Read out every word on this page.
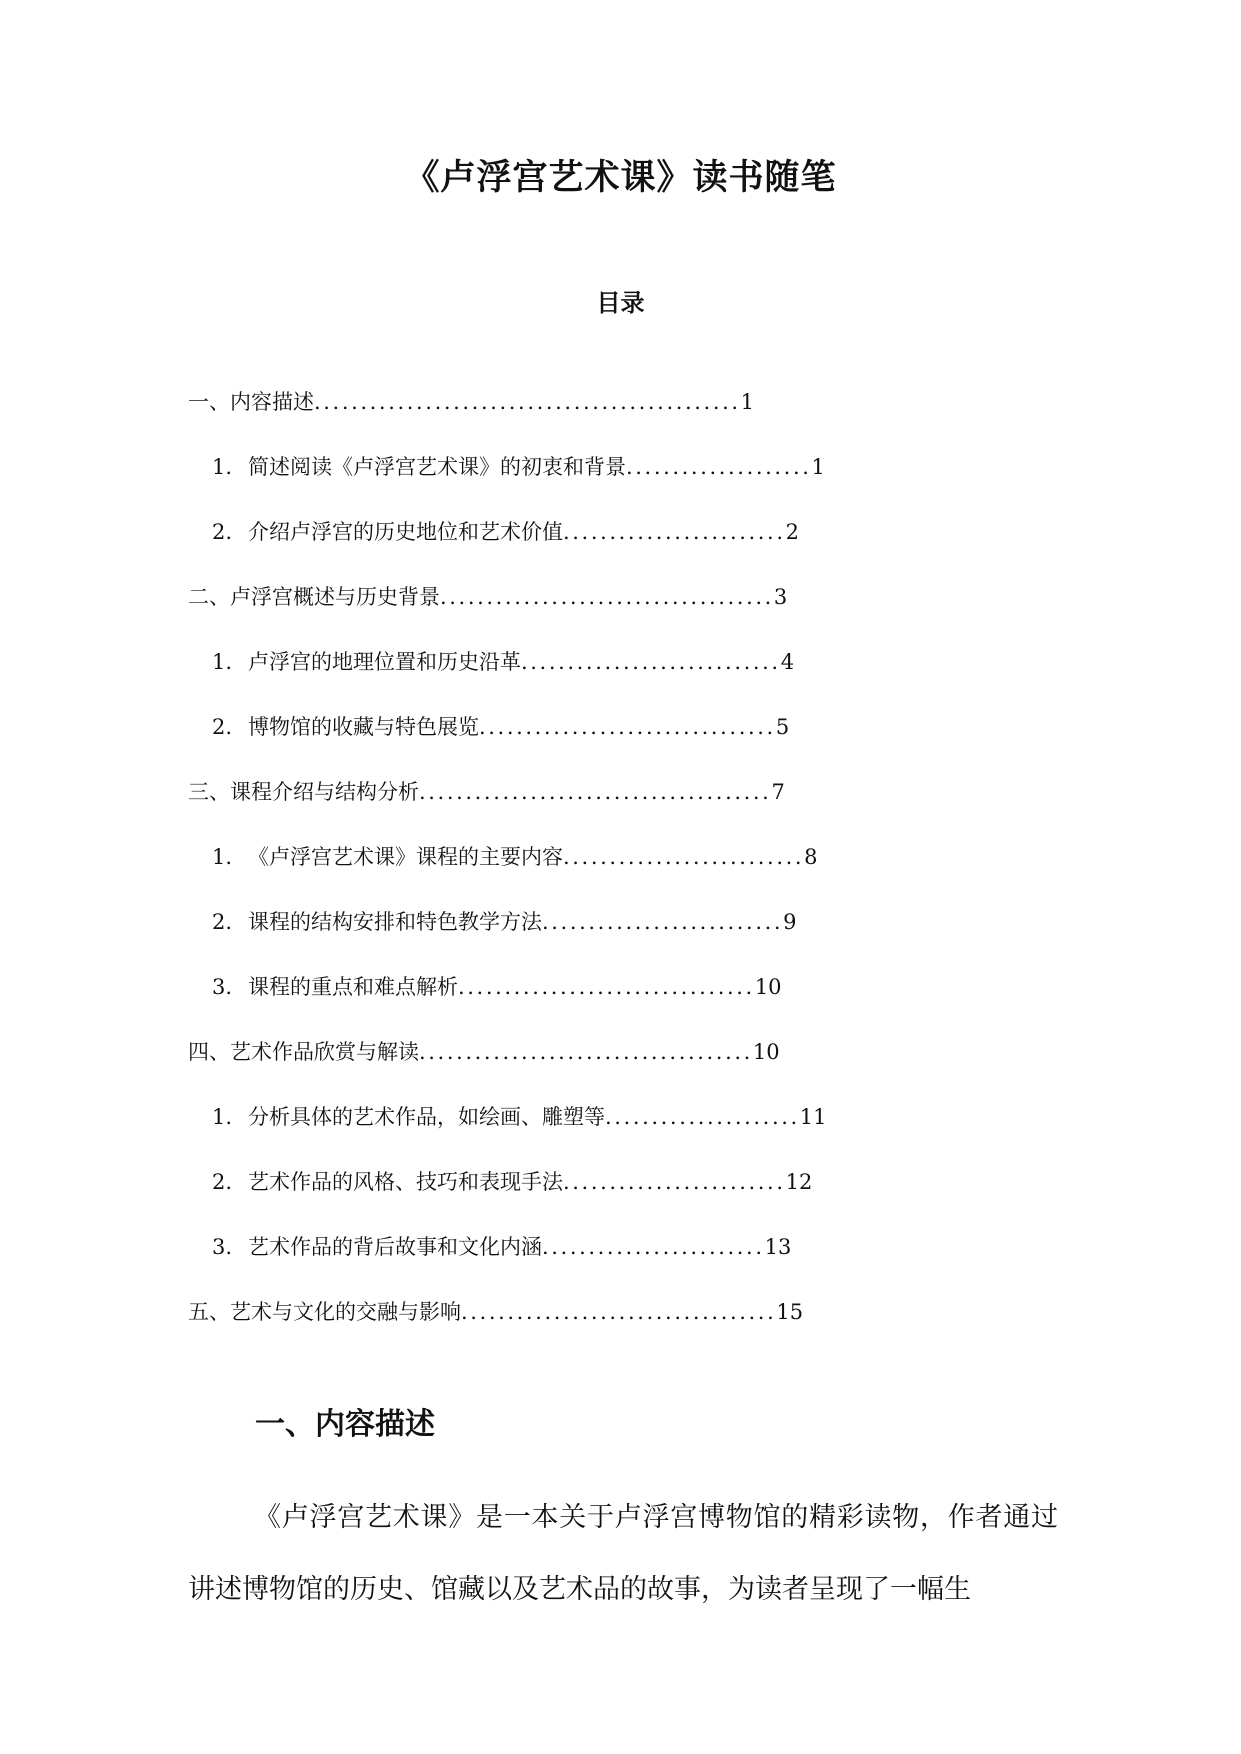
《卢浮宫艺术课》读书随笔
目录
一、内容描述..............................................1
1. 简述阅读《卢浮宫艺术课》的初衷和背景....................1
2. 介绍卢浮宫的历史地位和艺术价值........................2
二、卢浮宫概述与历史背景....................................3
1. 卢浮宫的地理位置和历史沿革............................4
2. 博物馆的收藏与特色展览................................5
三、课程介绍与结构分析......................................7
1. 《卢浮宫艺术课》课程的主要内容..........................8
2. 课程的结构安排和特色教学方法..........................9
3. 课程的重点和难点解析................................10
四、艺术作品欣赏与解读....................................10
1. 分析具体的艺术作品，如绘画、雕塑等.....................11
2. 艺术作品的风格、技巧和表现手法........................12
3. 艺术作品的背后故事和文化内涵........................13
五、艺术与文化的交融与影响..................................15
一、内容描述

《卢浮宫艺术课》是一本关于卢浮宫博物馆的精彩读物，作者通过讲述博物馆的历史、馆藏以及艺术品的故事，为读者呈现了一幅生
